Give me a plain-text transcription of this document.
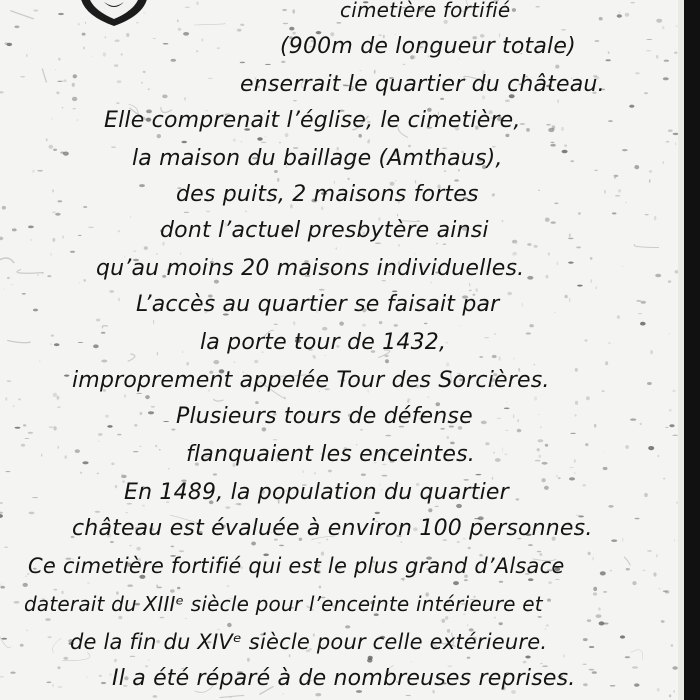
cimetière fortifié
(900m de longueur totale)
enserrait le quartier du château.
Elle comprenait l’église, le cimetière,
la maison du baillage (Amthaus),
des puits, 2 maisons fortes
dont l’actuel presbytère ainsi
qu’au moins 20 maisons individuelles.
L’accès au quartier se faisait par
la porte tour de 1432,
improprement appelée Tour des Sorcières.
Plusieurs tours de défense
flanquaient les enceintes.
En 1489, la population du quartier
château est évaluée à environ 100 personnes.
Ce cimetière fortifié qui est le plus grand d’Alsace
daterait du XIIIᵉ siècle pour l’enceinte intérieure et
de la fin du XIVᵉ siècle pour celle extérieure.
Il a été réparé à de nombreuses reprises.
